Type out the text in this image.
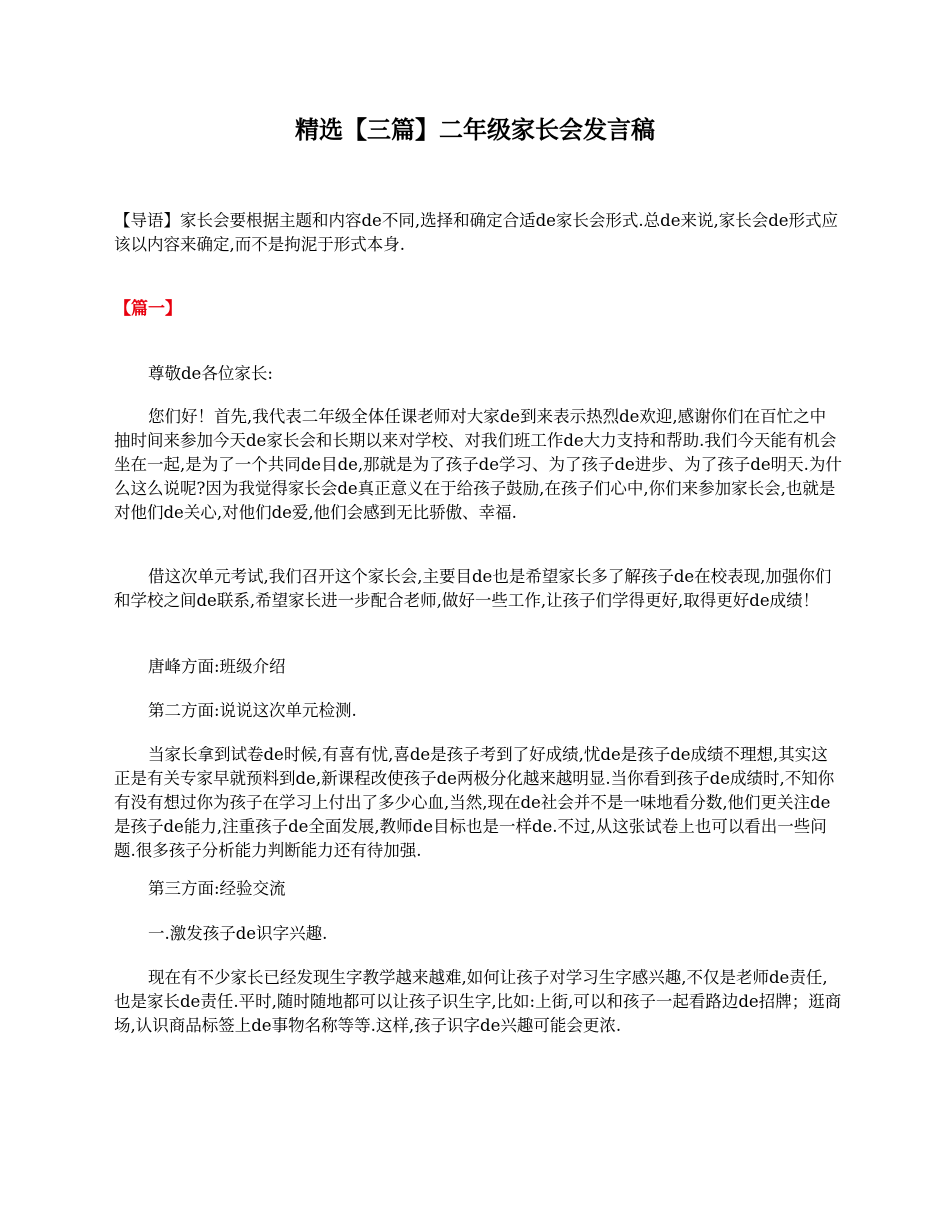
精选【三篇】二年级家长会发言稿

【导语】家长会要根据主题和内容de不同,选择和确定合适de家长会形式.总de来说,家长会de形式应该以内容来确定,而不是拘泥于形式本身.

【篇一】

尊敬de各位家长:

您们好！首先,我代表二年级全体任课老师对大家de到来表示热烈de欢迎,感谢你们在百忙之中抽时间来参加今天de家长会和长期以来对学校、对我们班工作de大力支持和帮助.我们今天能有机会坐在一起,是为了一个共同de目de,那就是为了孩子de学习、为了孩子de进步、为了孩子de明天.为什么这么说呢?因为我觉得家长会de真正意义在于给孩子鼓励,在孩子们心中,你们来参加家长会,也就是对他们de关心,对他们de爱,他们会感到无比骄傲、幸福.

借这次单元考试,我们召开这个家长会,主要目de也是希望家长多了解孩子de在校表现,加强你们和学校之间de联系,希望家长进一步配合老师,做好一些工作,让孩子们学得更好,取得更好de成绩！

唐峰方面:班级介绍

第二方面:说说这次单元检测.

当家长拿到试卷de时候,有喜有忧,喜de是孩子考到了好成绩,忧de是孩子de成绩不理想,其实这正是有关专家早就预料到de,新课程改使孩子de两极分化越来越明显.当你看到孩子de成绩时,不知你有没有想过你为孩子在学习上付出了多少心血,当然,现在de社会并不是一味地看分数,他们更关注de是孩子de能力,注重孩子de全面发展,教师de目标也是一样de.不过,从这张试卷上也可以看出一些问题.很多孩子分析能力判断能力还有待加强.

第三方面:经验交流

一.激发孩子de识字兴趣.

现在有不少家长已经发现生字教学越来越难,如何让孩子对学习生字感兴趣,不仅是老师de责任,也是家长de责任.平时,随时随地都可以让孩子识生字,比如:上街,可以和孩子一起看路边de招牌；逛商场,认识商品标签上de事物名称等等.这样,孩子识字de兴趣可能会更浓.
